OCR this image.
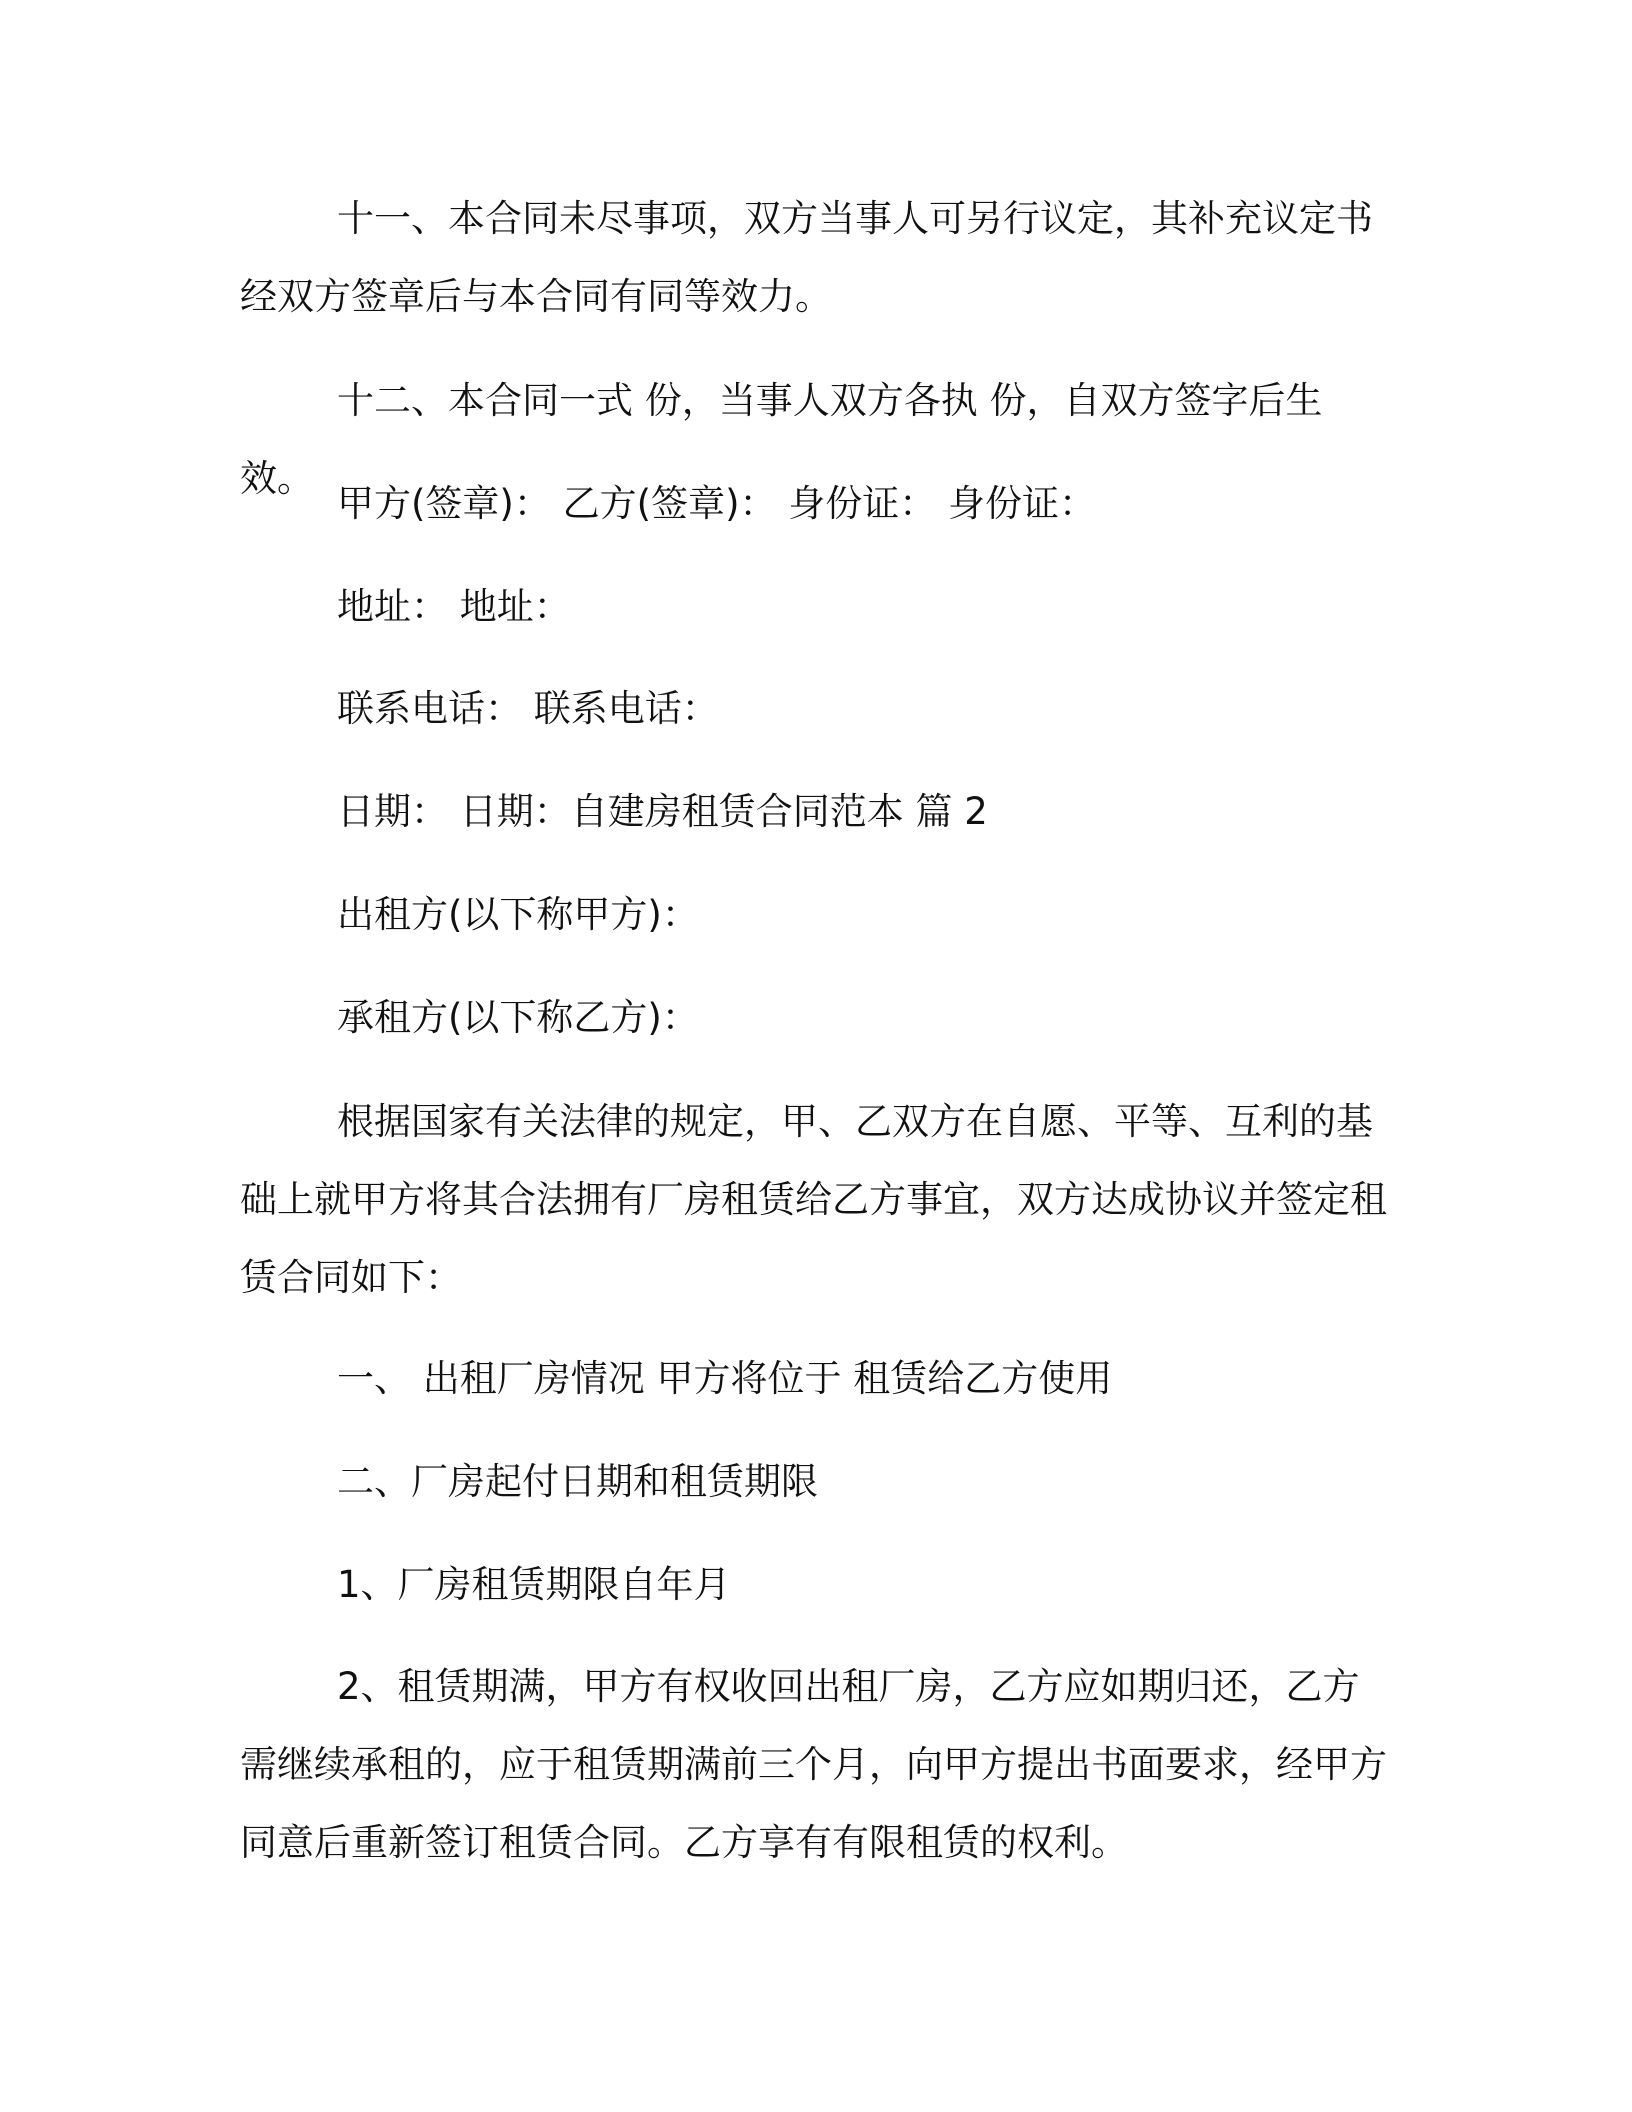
十一、本合同未尽事项，双方当事人可另行议定，其补充议定书经双方签章后与本合同有同等效力。

十二、本合同一式 份，当事人双方各执 份，自双方签字后生效。

甲方(签章)： 乙方(签章)： 身份证： 身份证：

地址： 地址：

联系电话： 联系电话：

日期： 日期：自建房租赁合同范本 篇 2

出租方(以下称甲方)：

承租方(以下称乙方)：

根据国家有关法律的规定，甲、乙双方在自愿、平等、互利的基础上就甲方将其合法拥有厂房租赁给乙方事宜，双方达成协议并签定租赁合同如下：

一、 出租厂房情况 甲方将位于 租赁给乙方使用

二、厂房起付日期和租赁期限

1、厂房租赁期限自年月

2、租赁期满，甲方有权收回出租厂房，乙方应如期归还，乙方需继续承租的，应于租赁期满前三个月，向甲方提出书面要求，经甲方同意后重新签订租赁合同。乙方享有有限租赁的权利。
